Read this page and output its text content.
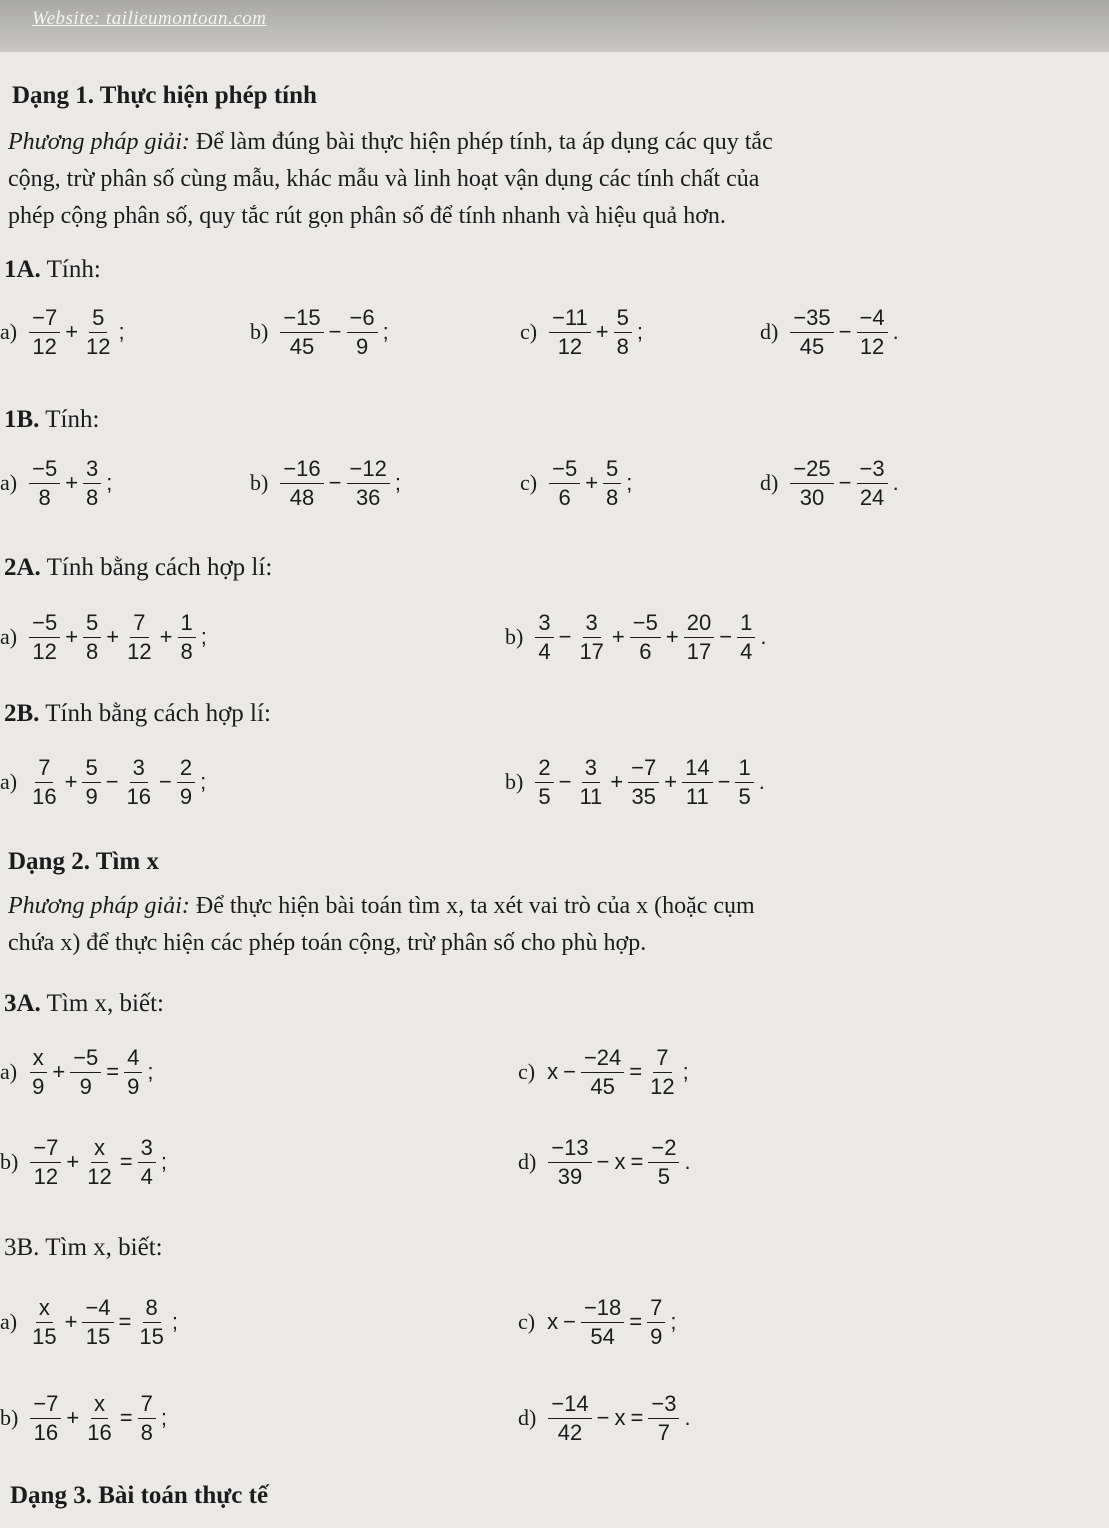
Website: tailieumontoan.com
Dạng 1. Thực hiện phép tính
Phương pháp giải: Để làm đúng bài thực hiện phép tính, ta áp dụng các quy tắc
cộng, trừ phân số cùng mẫu, khác mẫu và linh hoạt vận dụng các tính chất của
phép cộng phân số, quy tắc rút gọn phân số để tính nhanh và hiệu quả hơn.
1A. Tính:
$a) \frac{-7}{12} + \frac{5}{12}$ ;	$b) \frac{-15}{45} - \frac{-6}{9}$ ;	$c) \frac{-11}{12} + \frac{5}{8}$ ;	$d) \frac{-35}{45} - \frac{-4}{12}$ .
1B. Tính:
$a) \frac{-5}{8} + \frac{3}{8}$ ;	$b) \frac{-16}{48} - \frac{-12}{36}$ ;	$c) \frac{-5}{6} + \frac{5}{8}$ ;	$d) \frac{-25}{30} - \frac{-3}{24}$ .
2A. Tính bằng cách hợp lí:
$a) \frac{-5}{12} + \frac{5}{8} + \frac{7}{12} + \frac{1}{8}$ ;	$b) \frac{3}{4} - \frac{3}{17} + \frac{-5}{6} + \frac{20}{17} - \frac{1}{4}$ .
2B. Tính bằng cách hợp lí:
$a) \frac{7}{16} + \frac{5}{9} - \frac{3}{16} - \frac{2}{9}$ ;	$b) \frac{2}{5} - \frac{3}{11} + \frac{-7}{35} + \frac{14}{11} - \frac{1}{5}$ .
Dạng 2. Tìm x
Phương pháp giải: Để thực hiện bài toán tìm x, ta xét vai trò của x (hoặc cụm
chứa x) để thực hiện các phép toán cộng, trừ phân số cho phù hợp.
3A. Tìm x, biết:
$a) \frac{x}{9} + \frac{-5}{9} = \frac{4}{9}$ ;	c) $x - \frac{-24}{45} = \frac{7}{12}$ ;
$b) \frac{-7}{12} + \frac{x}{12} = \frac{3}{4}$ ;	$d) \frac{-13}{39} - x = \frac{-2}{5}$ .
3B. Tìm x, biết:
$a) \frac{x}{15} + \frac{-4}{15} = \frac{8}{15}$ ;	c) $x - \frac{-18}{54} = \frac{7}{9}$ ;
$b) \frac{-7}{16} + \frac{x}{16} = \frac{7}{8}$ ;	$d) \frac{-14}{42} - x = \frac{-3}{7}$ .
Dạng 3. Bài toán thực tế
